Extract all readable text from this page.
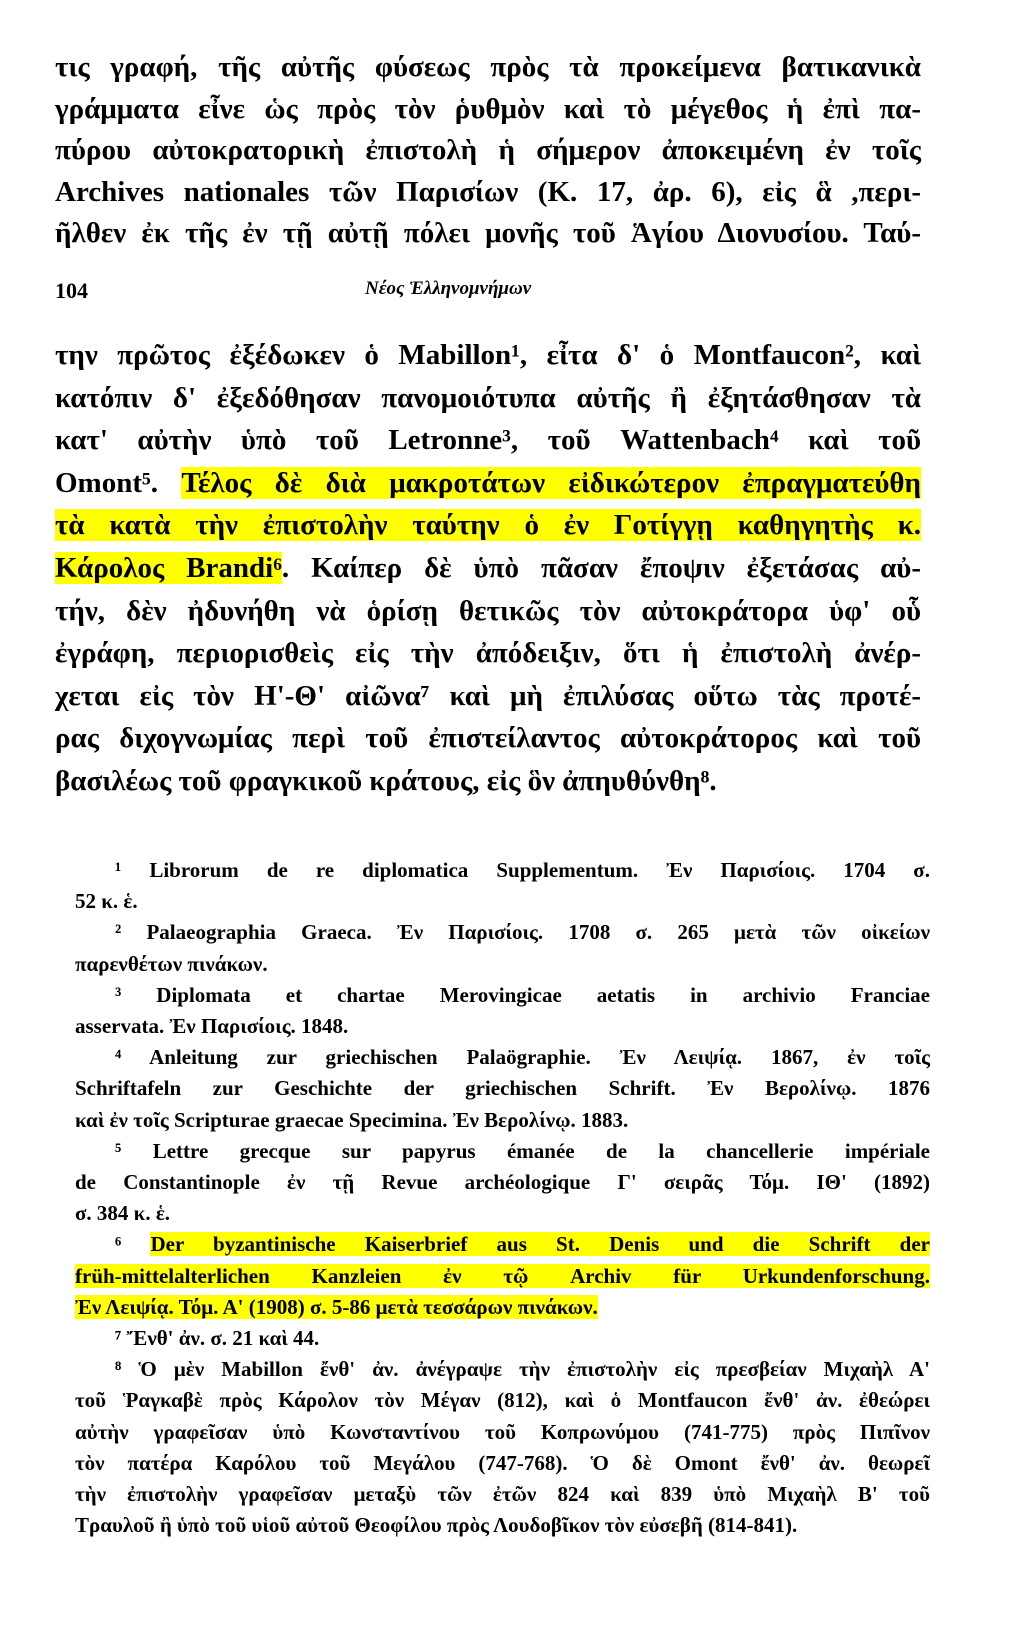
104	Νέος Ἑλληνομνήμων
τις γραφή, τῆς αὐτῆς φύσεως πρὸς τὰ προκείμενα βατικανικὰ
γράμματα εἶνε ὡς πρὸς τὸν ῥυθμὸν καὶ τὸ μέγεθος ἡ ἐπὶ πα-
πύρου αὐτοκρατορικὴ ἐπιστολὴ ἡ σήμερον ἀποκειμένη ἐν τοῖς
Archives nationales τῶν Παρισίων (K. 17, ἀρ. 6), εἰς ἃ ,περι-
ῆλθεν ἐκ τῆς ἐν τῇ αὐτῇ πόλει μονῆς τοῦ Ἁγίου Διονυσίου. Ταύ-
την πρῶτος ἐξέδωκεν ὁ Mabillon¹, εἶτα δ' ὁ Montfaucon², καὶ
κατόπιν δ' ἐξεδόθησαν πανομοιότυπα αὐτῆς ἢ ἐξητάσθησαν τὰ
κατ' αὐτὴν ὑπὸ τοῦ Letronne³, τοῦ Wattenbach⁴ καὶ τοῦ
Omont⁵. Τέλος δὲ διὰ μακροτάτων εἰδικώτερον ἐπραγματεύθη
τὰ κατὰ τὴν ἐπιστολὴν ταύτην ὁ ἐν Γοτίγγῃ καθηγητὴς κ.
Κάρολος Brandi⁶. Καίπερ δὲ ὑπὸ πᾶσαν ἔποψιν ἐξετάσας αὐ-
τήν, δὲν ἠδυνήθη νὰ ὁρίσῃ θετικῶς τὸν αὐτοκράτορα ὑφ' οὗ
ἐγράφη, περιορισθεὶς εἰς τὴν ἀπόδειξιν, ὅτι ἡ ἐπιστολὴ ἀνέρ-
χεται εἰς τὸν Η'-Θ' αἰῶνα⁷ καὶ μὴ ἐπιλύσας οὕτω τὰς προτέ-
ρας διχογνωμίας περὶ τοῦ ἐπιστείλαντος αὐτοκράτορος καὶ τοῦ
βασιλέως τοῦ φραγκικοῦ κράτους, εἰς ὃν ἀπηυθύνθη⁸.
¹ Librorum de re diplomatica Supplementum. Ἐν Παρισίοις. 1704 σ.
52 κ. ἑ.
² Palaeographia Graeca. Ἐν Παρισίοις. 1708 σ. 265 μετὰ τῶν οἰκείων
παρενθέτων πινάκων.
³ Diplomata et chartae Merovingicae aetatis in archivio Franciae
asservata. Ἐν Παρισίοις. 1848.
⁴ Anleitung zur griechischen Palaögraphie. Ἐν Λειψίᾳ. 1867, ἐν τοῖς
Schriftafeln zur Geschichte der griechischen Schrift. Ἐν Βερολίνῳ. 1876
καὶ ἐν τοῖς Scripturae graecae Specimina. Ἐν Βερολίνῳ. 1883.
⁵ Lettre grecque sur papyrus émanée de la chancellerie impériale
de Constantinople ἐν τῇ Revue archéologique Γ' σειρᾶς Τόμ. ΙΘ' (1892)
σ. 384 κ. ἑ.
⁶ Der byzantinische Kaiserbrief aus St. Denis und die Schrift der
früh-mittelalterlichen Kanzleien ἐν τῷ Archiv für Urkundenforschung.
Ἐν Λειψίᾳ. Τόμ. Α' (1908) σ. 5-86 μετὰ τεσσάρων πινάκων.
⁷ Ἔνθ' ἀν. σ. 21 καὶ 44.
⁸ Ὁ μὲν Mabillon ἔνθ' ἀν. ἀνέγραψε τὴν ἐπιστολὴν εἰς πρεσβείαν Μιχαὴλ Α'
τοῦ Ῥαγκαβὲ πρὸς Κάρολον τὸν Μέγαν (812), καὶ ὁ Montfaucon ἔνθ' ἀν. ἐθεώρει
αὐτὴν γραφεῖσαν ὑπὸ Κωνσταντίνου τοῦ Κοπρωνύμου (741-775) πρὸς Πιπῖνον
τὸν πατέρα Καρόλου τοῦ Μεγάλου (747-768). Ὁ δὲ Omont ἔνθ' ἀν. θεωρεῖ
τὴν ἐπιστολὴν γραφεῖσαν μεταξὺ τῶν ἐτῶν 824 καὶ 839 ὑπὸ Μιχαὴλ Β' τοῦ
Τραυλοῦ ἢ ὑπὸ τοῦ υἱοῦ αὐτοῦ Θεοφίλου πρὸς Λουδοβῖκον τὸν εὐσεβῆ (814-841).
